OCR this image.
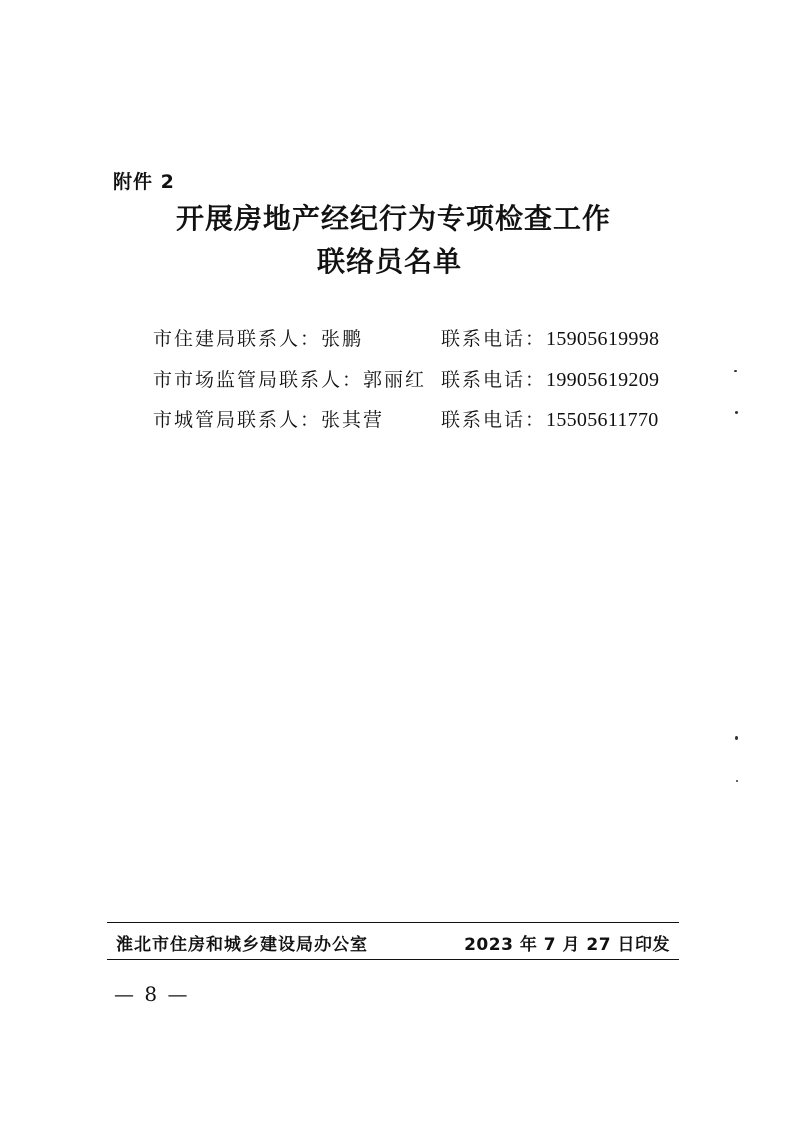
附件 2
开展房地产经纪行为专项检查工作
联络员名单
市住建局联系人：张鹏	联系电话：15905619998
市市场监管局联系人：郭丽红 联系电话：19905619209
市城管局联系人：张其营	联系电话：15505611770
淮北市住房和城乡建设局办公室	2023 年 7 月 27 日印发
— 8 —
